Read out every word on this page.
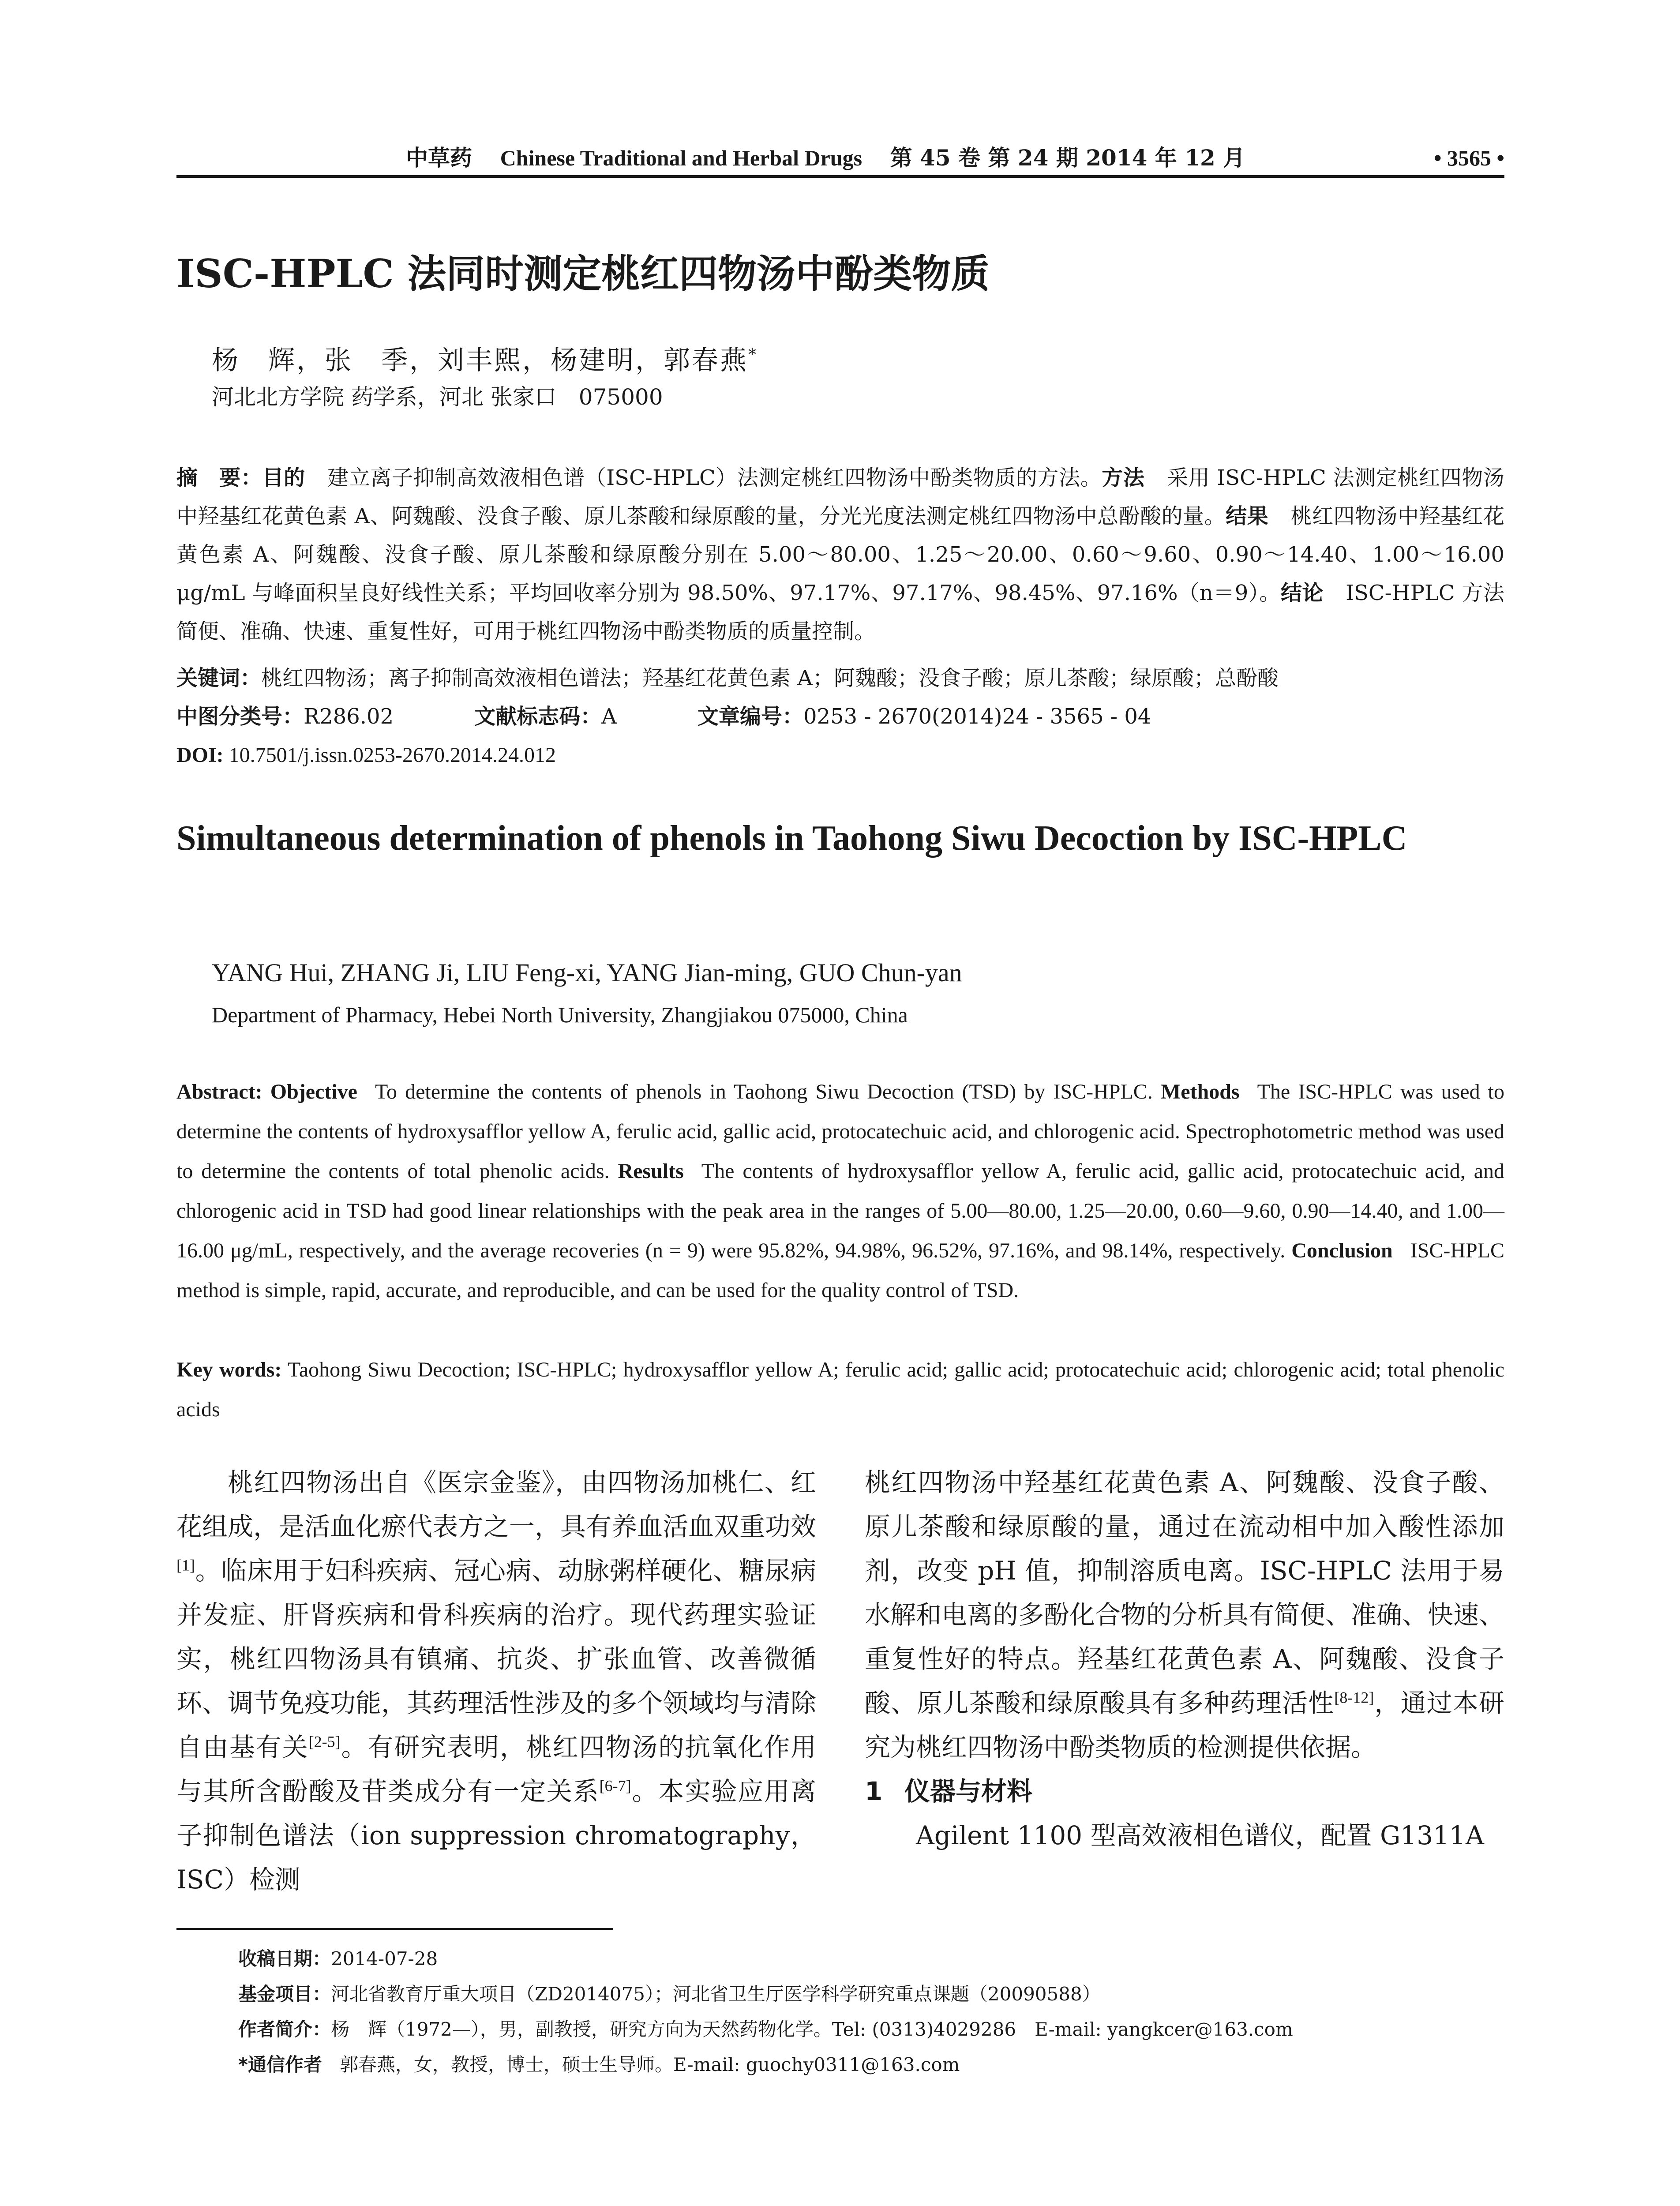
中草药 Chinese Traditional and Herbal Drugs 第 45 卷 第 24 期 2014 年 12 月	• 3565 •
ISC-HPLC 法同时测定桃红四物汤中酚类物质
杨　辉，张　季，刘丰熙，杨建明，郭春燕*
河北北方学院 药学系，河北 张家口　075000
摘　要：目的 建立离子抑制高效液相色谱（ISC-HPLC）法测定桃红四物汤中酚类物质的方法。方法 采用 ISC-HPLC 法测定桃红四物汤中羟基红花黄色素 A、阿魏酸、没食子酸、原儿茶酸和绿原酸的量，分光光度法测定桃红四物汤中总酚酸的量。结果 桃红四物汤中羟基红花黄色素 A、阿魏酸、没食子酸、原儿茶酸和绿原酸分别在 5.00～80.00、1.25～20.00、0.60～9.60、0.90～14.40、1.00～16.00 μg/mL 与峰面积呈良好线性关系；平均回收率分别为 98.50%、97.17%、97.17%、98.45%、97.16%（n＝9）。结论 ISC-HPLC 方法简便、准确、快速、重复性好，可用于桃红四物汤中酚类物质的质量控制。
关键词：桃红四物汤；离子抑制高效液相色谱法；羟基红花黄色素 A；阿魏酸；没食子酸；原儿茶酸；绿原酸；总酚酸
中图分类号：R286.02	文献标志码：A	文章编号：0253 - 2670(2014)24 - 3565 - 04
DOI: 10.7501/j.issn.0253-2670.2014.24.012
Simultaneous determination of phenols in Taohong Siwu Decoction by ISC-HPLC
YANG Hui, ZHANG Ji, LIU Feng-xi, YANG Jian-ming, GUO Chun-yan
Department of Pharmacy, Hebei North University, Zhangjiakou 075000, China
Abstract: Objective To determine the contents of phenols in Taohong Siwu Decoction (TSD) by ISC-HPLC. Methods The ISC-HPLC was used to determine the contents of hydroxysafflor yellow A, ferulic acid, gallic acid, protocatechuic acid, and chlorogenic acid. Spectrophotometric method was used to determine the contents of total phenolic acids. Results The contents of hydroxysafflor yellow A, ferulic acid, gallic acid, protocatechuic acid, and chlorogenic acid in TSD had good linear relationships with the peak area in the ranges of 5.00—80.00, 1.25—20.00, 0.60—9.60, 0.90—14.40, and 1.00—16.00 μg/mL, respectively, and the average recoveries (n = 9) were 95.82%, 94.98%, 96.52%, 97.16%, and 98.14%, respectively. Conclusion ISC-HPLC method is simple, rapid, accurate, and reproducible, and can be used for the quality control of TSD.
Key words: Taohong Siwu Decoction; ISC-HPLC; hydroxysafflor yellow A; ferulic acid; gallic acid; protocatechuic acid; chlorogenic acid; total phenolic acids

桃红四物汤出自《医宗金鉴》，由四物汤加桃仁、红花组成，是活血化瘀代表方之一，具有养血活血双重功效[1]。临床用于妇科疾病、冠心病、动脉粥样硬化、糖尿病并发症、肝肾疾病和骨科疾病的治疗。现代药理实验证实，桃红四物汤具有镇痛、抗炎、扩张血管、改善微循环、调节免疫功能，其药理活性涉及的多个领域均与清除自由基有关[2-5]。有研究表明，桃红四物汤的抗氧化作用与其所含酚酸及苷类成分有一定关系[6-7]。本实验应用离子抑制色谱法（ion suppression chromatography，ISC）检测

桃红四物汤中羟基红花黄色素 A、阿魏酸、没食子酸、原儿茶酸和绿原酸的量，通过在流动相中加入酸性添加剂，改变 pH 值，抑制溶质电离。ISC-HPLC 法用于易水解和电离的多酚化合物的分析具有简便、准确、快速、重复性好的特点。羟基红花黄色素 A、阿魏酸、没食子酸、原儿茶酸和绿原酸具有多种药理活性[8-12]，通过本研究为桃红四物汤中酚类物质的检测提供依据。

1 仪器与材料

Agilent 1100 型高效液相色谱仪，配置 G1311A

收稿日期：2014-07-28
基金项目：河北省教育厅重大项目（ZD2014075）；河北省卫生厅医学科学研究重点课题（20090588）
作者简介：杨　辉（1972—），男，副教授，研究方向为天然药物化学。Tel: (0313)4029286　E-mail: yangkcer@163.com
*通信作者 郭春燕，女，教授，博士，硕士生导师。E-mail: guochy0311@163.com
